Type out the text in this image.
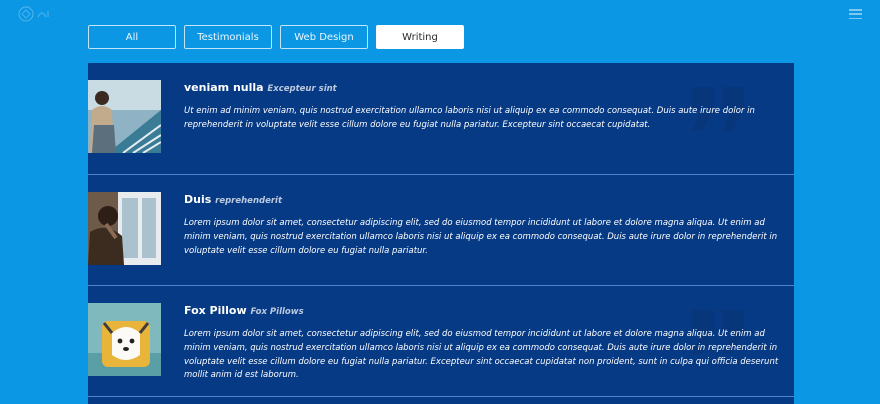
All	Testimonials	Web Design	Writing
veniam nulla Excepteur sint
Ut enim ad minim veniam, quis nostrud exercitation ullamco laboris nisi ut aliquip ex ea commodo consequat. Duis aute irure dolor in reprehenderit in voluptate velit esse cillum dolore eu fugiat nulla pariatur. Excepteur sint occaecat cupidatat.
Duis reprehenderit
Lorem ipsum dolor sit amet, consectetur adipiscing elit, sed do eiusmod tempor incididunt ut labore et dolore magna aliqua. Ut enim ad minim veniam, quis nostrud exercitation ullamco laboris nisi ut aliquip ex ea commodo consequat. Duis aute irure dolor in reprehenderit in voluptate velit esse cillum dolore eu fugiat nulla pariatur.
Fox Pillow Fox Pillows
Lorem ipsum dolor sit amet, consectetur adipiscing elit, sed do eiusmod tempor incididunt ut labore et dolore magna aliqua. Ut enim ad minim veniam, quis nostrud exercitation ullamco laboris nisi ut aliquip ex ea commodo consequat. Duis aute irure dolor in reprehenderit in voluptate velit esse cillum dolore eu fugiat nulla pariatur. Excepteur sint occaecat cupidatat non proident, sunt in culpa qui officia deserunt mollit anim id est laborum.
